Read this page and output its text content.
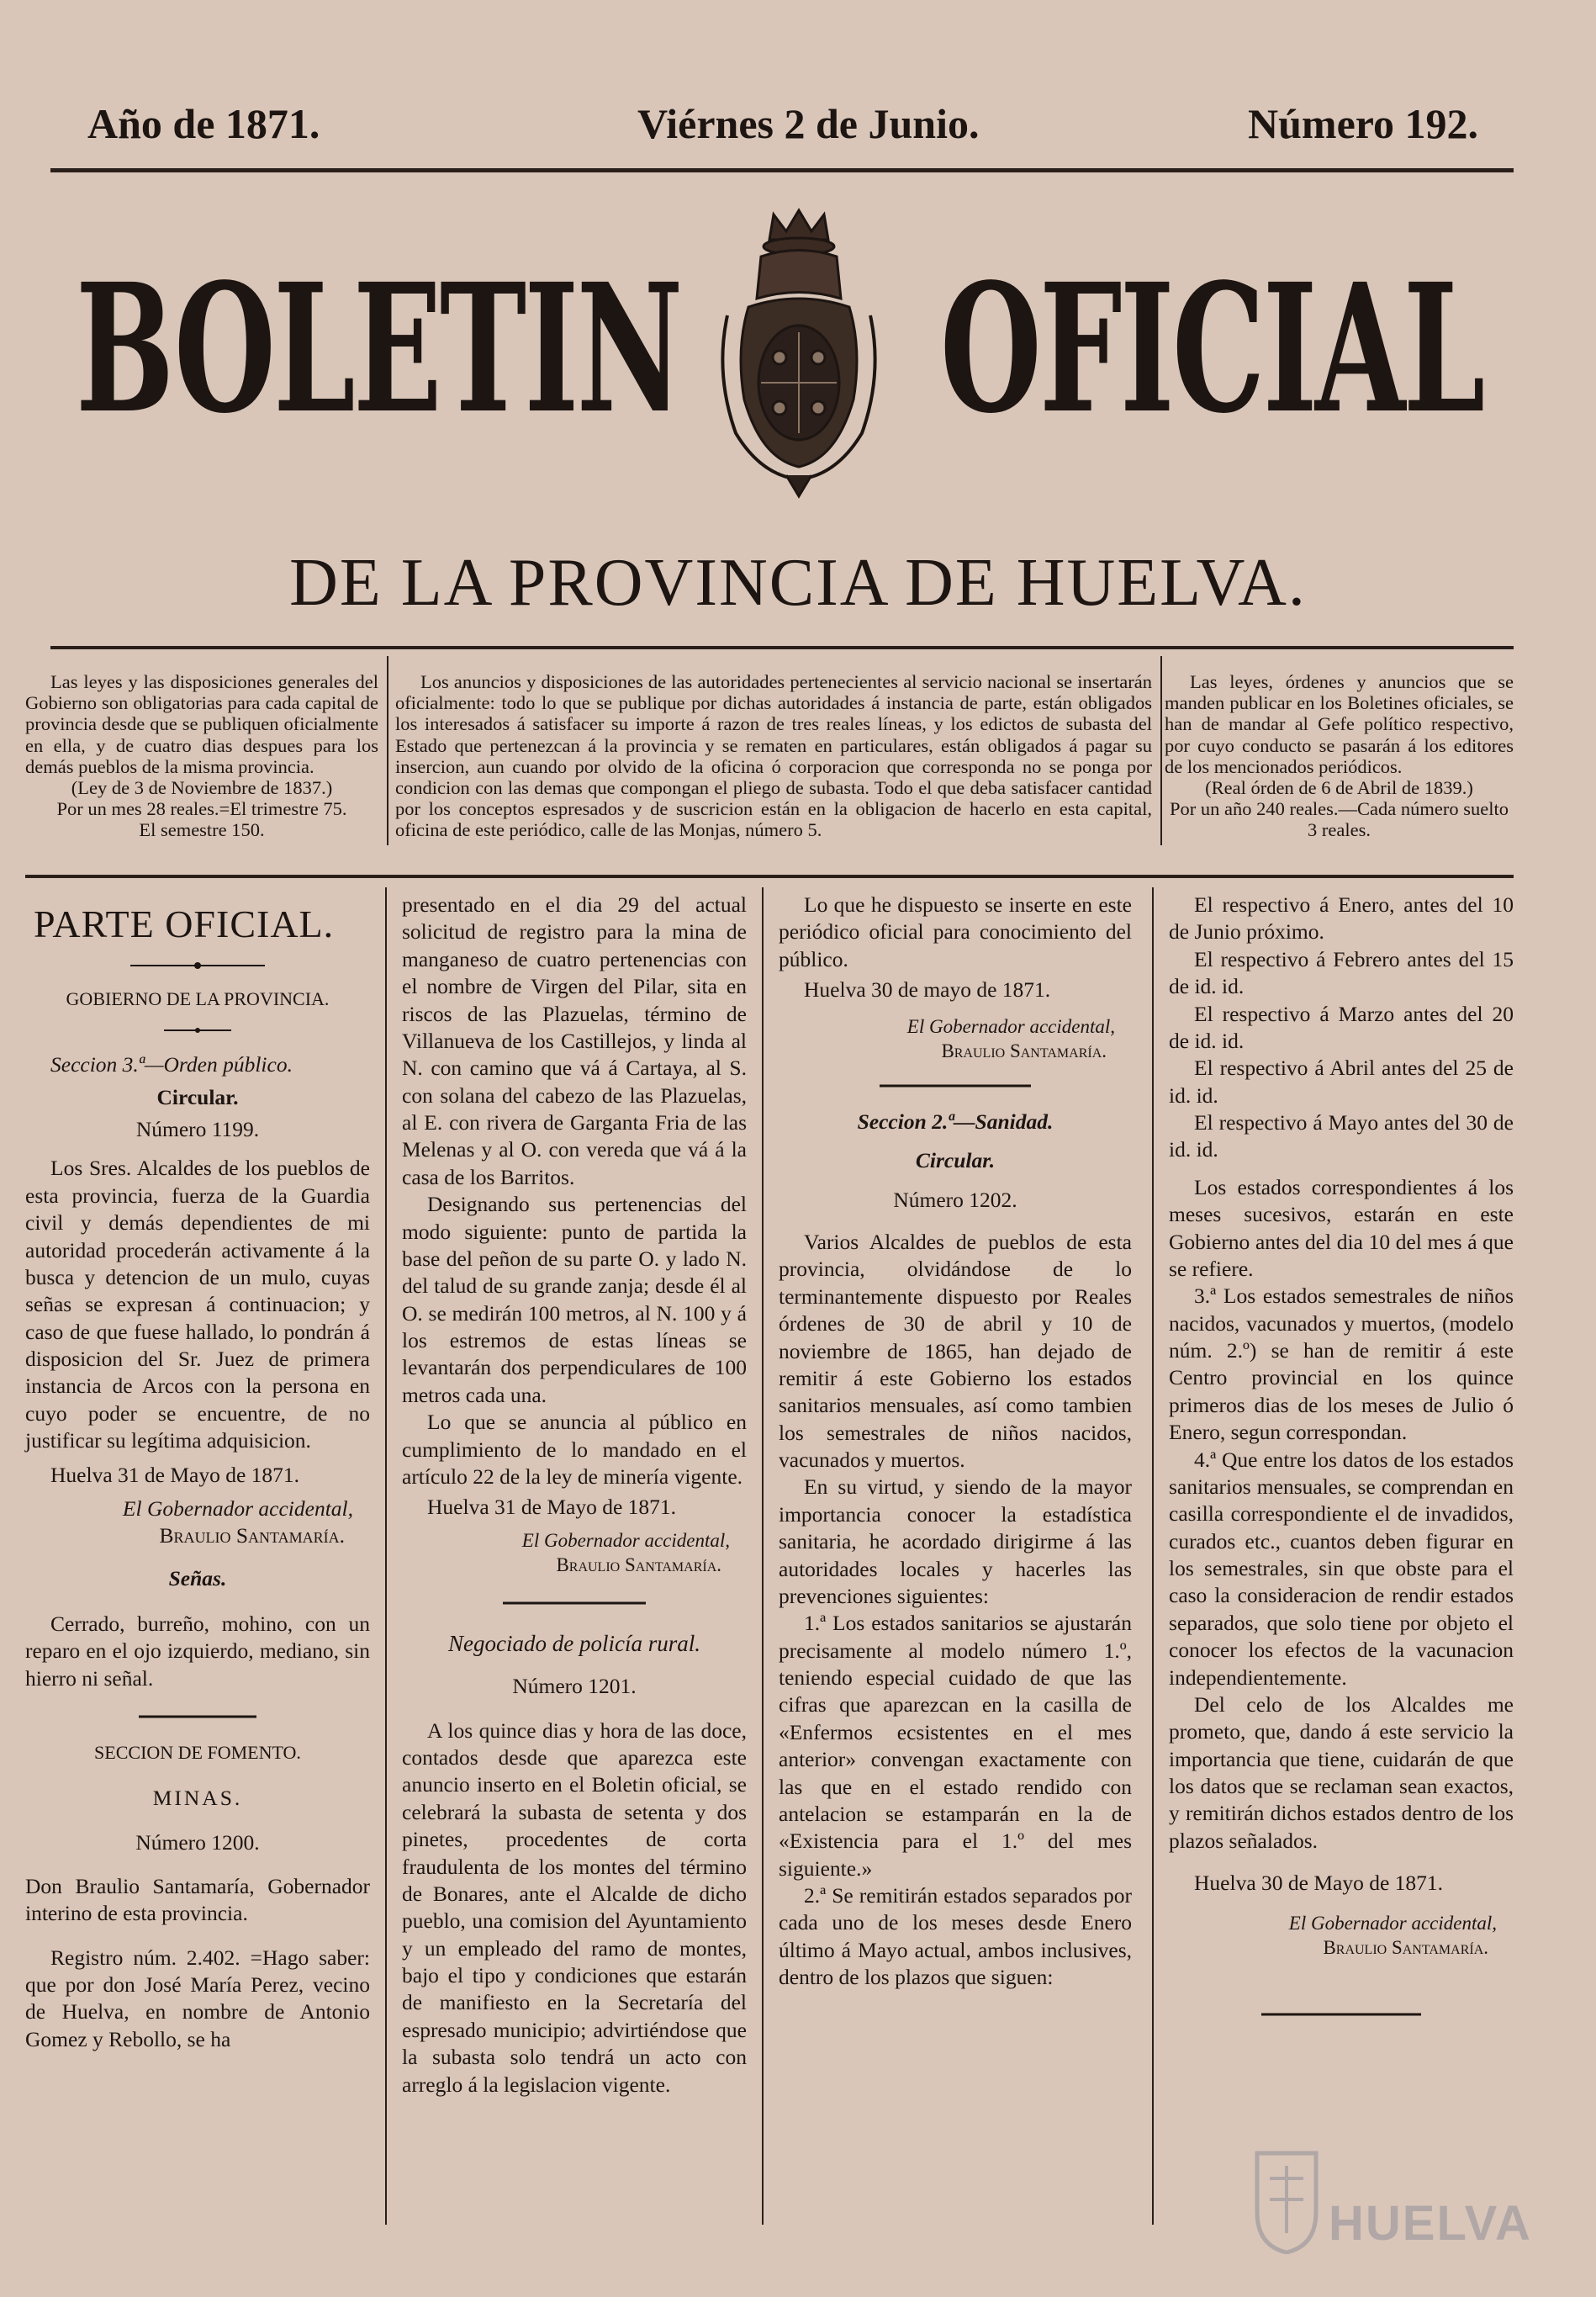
Año de 1871.	Viérnes 2 de Junio.	Número 192.
BOLETIN OFICIAL
DE LA PROVINCIA DE HUELVA.

Las leyes y las disposiciones generales del Gobierno son obligatorias para cada capital de provincia desde que se publiquen oficialmente en ella, y de cuatro dias despues para los demás pueblos de la misma provincia.

(Ley de 3 de Noviembre de 1837.)

Por un mes 28 reales.=El trimestre 75.

El semestre 150.

Los anuncios y disposiciones de las autoridades pertenecientes al servicio nacional se insertarán oficialmente: todo lo que se publique por dichas autoridades á instancia de parte, están obligados los interesados á satisfacer su importe á razon de tres reales líneas, y los edictos de subasta del Estado que pertenezcan á la provincia y se rematen en particulares, están obligados á pagar su insercion, aun cuando por olvido de la oficina ó corporacion que corresponda no se ponga por condicion con las demas que compongan el pliego de subasta. Todo el que deba satisfacer cantidad por los conceptos espresados y de suscricion están en la obligacion de hacerlo en esta capital, oficina de este periódico, calle de las Monjas, número 5.

Las leyes, órdenes y anuncios que se manden publicar en los Boletines oficiales, se han de mandar al Gefe político respectivo, por cuyo conducto se pasarán á los editores de los mencionados periódicos.

(Real órden de 6 de Abril de 1839.)

Por un año 240 reales.—Cada número suelto 3 reales.

PARTE OFICIAL.

GOBIERNO DE LA PROVINCIA.

Seccion 3.ª—Orden público.

Circular.

Número 1199.

Los Sres. Alcaldes de los pueblos de esta provincia, fuerza de la Guardia civil y demás dependientes de mi autoridad procederán activamente á la busca y detencion de un mulo, cuyas señas se expresan á continuacion; y caso de que fuese hallado, lo pondrán á disposicion del Sr. Juez de primera instancia de Arcos con la persona en cuyo poder se encuentre, de no justificar su legítima adquisicion.

Huelva 31 de Mayo de 1871.

El Gobernador accidental,

Braulio Santamaría.

Señas.

Cerrado, burreño, mohino, con un reparo en el ojo izquierdo, mediano, sin hierro ni señal.

SECCION DE FOMENTO.

MINAS.

Número 1200.

Don Braulio Santamaría, Gobernador interino de esta provincia.

Registro núm. 2.402. =Hago saber: que por don José María Perez, vecino de Huelva, en nombre de Antonio Gomez y Rebollo, se ha

presentado en el dia 29 del actual solicitud de registro para la mina de manganeso de cuatro pertenencias con el nombre de Virgen del Pilar, sita en riscos de las Plazuelas, término de Villanueva de los Castillejos, y linda al N. con camino que vá á Cartaya, al S. con solana del cabezo de las Plazuelas, al E. con rivera de Garganta Fria de las Melenas y al O. con vereda que vá á la casa de los Barritos.

Designando sus pertenencias del modo siguiente: punto de partida la base del peñon de su parte O. y lado N. del talud de su grande zanja; desde él al O. se medirán 100 metros, al N. 100 y á los estremos de estas líneas se levantarán dos perpendiculares de 100 metros cada una.

Lo que se anuncia al público en cumplimiento de lo mandado en el artículo 22 de la ley de minería vigente.

Huelva 31 de Mayo de 1871.

El Gobernador accidental,

Braulio Santamaría.

Negociado de policía rural.

Número 1201.

A los quince dias y hora de las doce, contados desde que aparezca este anuncio inserto en el Boletin oficial, se celebrará la subasta de setenta y dos pinetes, procedentes de corta fraudulenta de los montes del término de Bonares, ante el Alcalde de dicho pueblo, una comision del Ayuntamiento y un empleado del ramo de montes, bajo el tipo y condiciones que estarán de manifiesto en la Secretaría del espresado municipio; advirtiéndose que la subasta solo tendrá un acto con arreglo á la legislacion vigente.

Lo que he dispuesto se inserte en este periódico oficial para conocimiento del público.

Huelva 30 de mayo de 1871.

El Gobernador accidental,

Braulio Santamaría.

Seccion 2.ª—Sanidad.

Circular.

Número 1202.

Varios Alcaldes de pueblos de esta provincia, olvidándose de lo terminantemente dispuesto por Reales órdenes de 30 de abril y 10 de noviembre de 1865, han dejado de remitir á este Gobierno los estados sanitarios mensuales, así como tambien los semestrales de niños nacidos, vacunados y muertos.

En su virtud, y siendo de la mayor importancia conocer la estadística sanitaria, he acordado dirigirme á las autoridades locales y hacerles las prevenciones siguientes:

1.ª Los estados sanitarios se ajustarán precisamente al modelo número 1.º, teniendo especial cuidado de que las cifras que aparezcan en la casilla de «Enfermos ecsistentes en el mes anterior» convengan exactamente con las que en el estado rendido con antelacion se estamparán en la de «Existencia para el 1.º del mes siguiente.»

2.ª Se remitirán estados separados por cada uno de los meses desde Enero último á Mayo actual, ambos inclusives, dentro de los plazos que siguen:

El respectivo á Enero, antes del 10 de Junio próximo.

El respectivo á Febrero antes del 15 de id. id.

El respectivo á Marzo antes del 20 de id. id.

El respectivo á Abril antes del 25 de id. id.

El respectivo á Mayo antes del 30 de id. id.

Los estados correspondientes á los meses sucesivos, estarán en este Gobierno antes del dia 10 del mes á que se refiere.

3.ª Los estados semestrales de niños nacidos, vacunados y muertos, (modelo núm. 2.º) se han de remitir á este Centro provincial en los quince primeros dias de los meses de Julio ó Enero, segun correspondan.

4.ª Que entre los datos de los estados sanitarios mensuales, se comprendan en casilla correspondiente el de invadidos, curados etc., cuantos deben figurar en los semestrales, sin que obste para el caso la consideracion de rendir estados separados, que solo tiene por objeto el conocer los efectos de la vacunacion independientemente.

Del celo de los Alcaldes me prometo, que, dando á este servicio la importancia que tiene, cuidarán de que los datos que se reclaman sean exactos, y remitirán dichos estados dentro de los plazos señalados.

Huelva 30 de Mayo de 1871.

El Gobernador accidental,

Braulio Santamaría.

HUELVA
